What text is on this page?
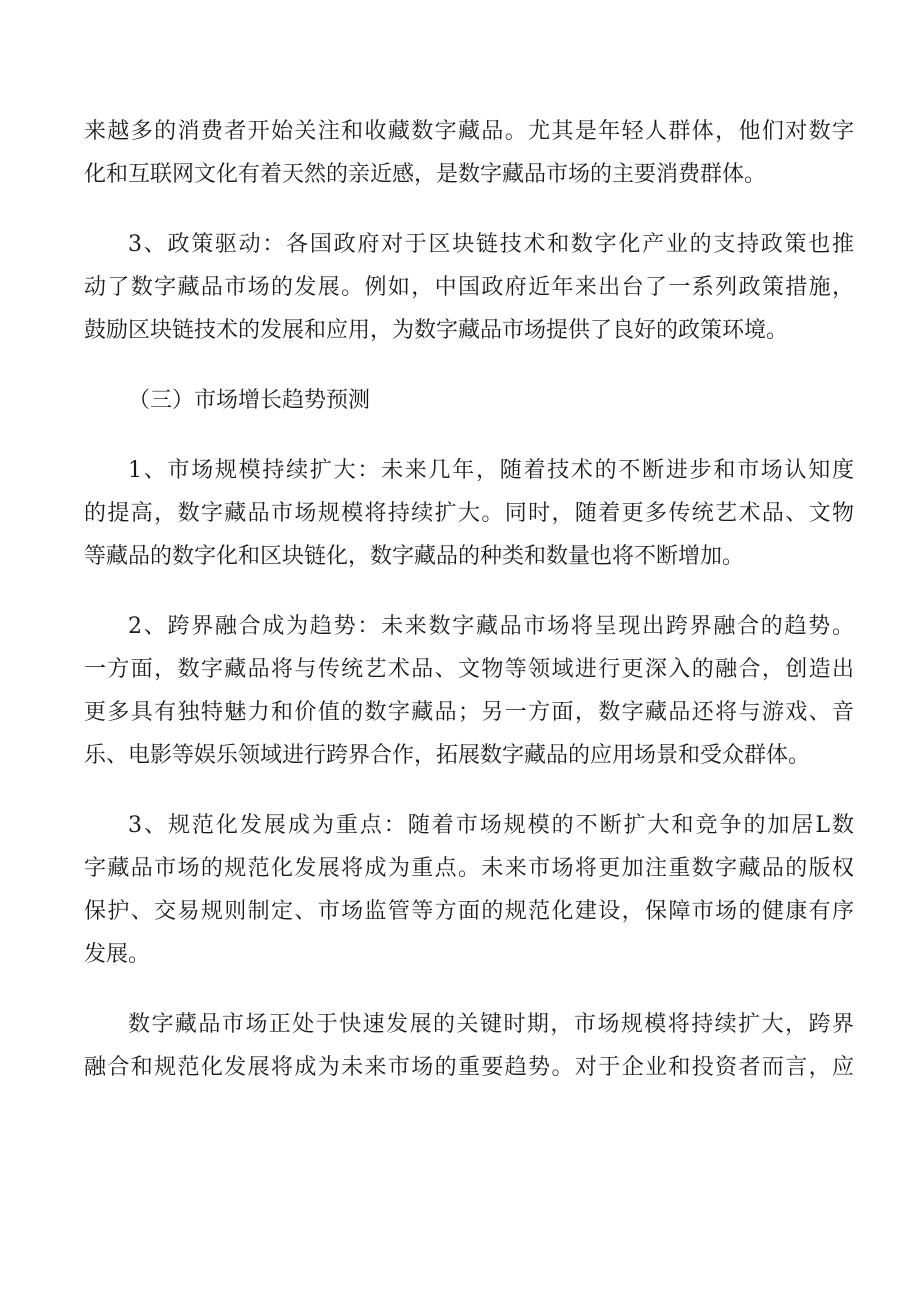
来越多的消费者开始关注和收藏数字藏品。尤其是年轻人群体，他们对数字
化和互联网文化有着天然的亲近感，是数字藏品市场的主要消费群体。
3、政策驱动：各国政府对于区块链技术和数字化产业的支持政策也推
动了数字藏品市场的发展。例如，中国政府近年来出台了一系列政策措施，
鼓励区块链技术的发展和应用，为数字藏品市场提供了良好的政策环境。
（三）市场增长趋势预测
1、市场规模持续扩大：未来几年，随着技术的不断进步和市场认知度
的提高，数字藏品市场规模将持续扩大。同时，随着更多传统艺术品、文物
等藏品的数字化和区块链化，数字藏品的种类和数量也将不断增加。
2、跨界融合成为趋势：未来数字藏品市场将呈现出跨界融合的趋势。
一方面，数字藏品将与传统艺术品、文物等领域进行更深入的融合，创造出
更多具有独特魅力和价值的数字藏品；另一方面，数字藏品还将与游戏、音
乐、电影等娱乐领域进行跨界合作，拓展数字藏品的应用场景和受众群体。
3、规范化发展成为重点：随着市场规模的不断扩大和竞争的加居L数
字藏品市场的规范化发展将成为重点。未来市场将更加注重数字藏品的版权
保护、交易规则制定、市场监管等方面的规范化建设，保障市场的健康有序
发展。
数字藏品市场正处于快速发展的关键时期，市场规模将持续扩大，跨界
融合和规范化发展将成为未来市场的重要趋势。对于企业和投资者而言，应
